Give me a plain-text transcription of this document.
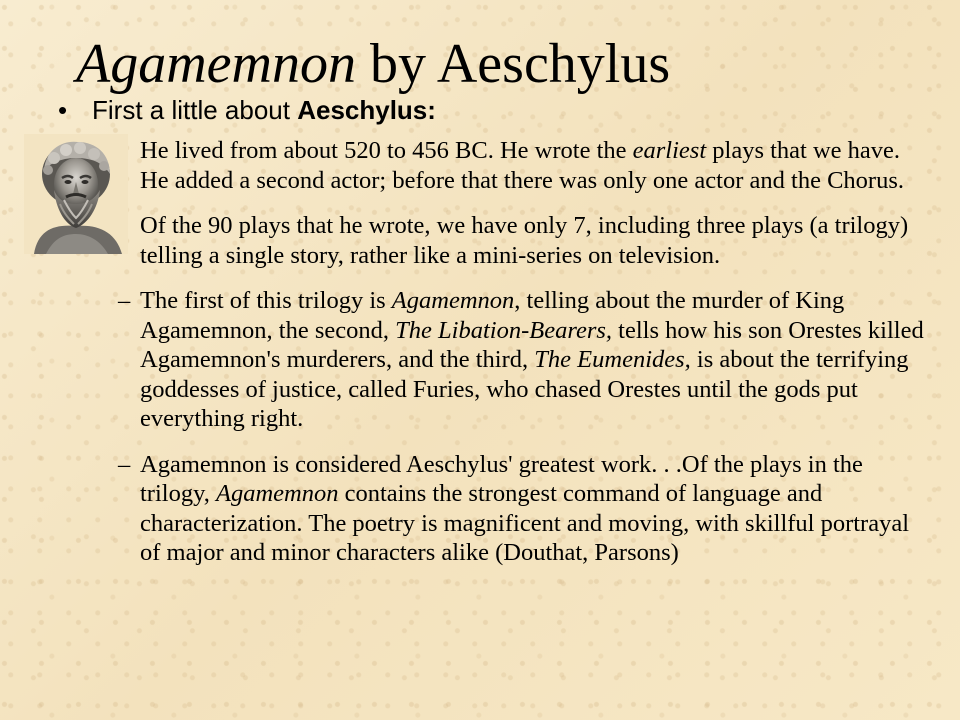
Agamemnon by Aeschylus
• First a little about Aeschylus:
He lived from about 520 to 456 BC. He wrote the earliest plays that we have. He added a second actor; before that there was only one actor and the Chorus.
Of the 90 plays that he wrote, we have only 7, including three plays (a trilogy) telling a single story, rather like a mini-series on television.
– The first of this trilogy is Agamemnon, telling about the murder of King Agamemnon, the second, The Libation-Bearers, tells how his son Orestes killed Agamemnon's murderers, and the third, The Eumenides, is about the terrifying goddesses of justice, called Furies, who chased Orestes until the gods put everything right.
– Agamemnon is considered Aeschylus' greatest work. . .Of the plays in the trilogy, Agamemnon contains the strongest command of language and characterization. The poetry is magnificent and moving, with skillful portrayal of major and minor characters alike (Douthat, Parsons)
